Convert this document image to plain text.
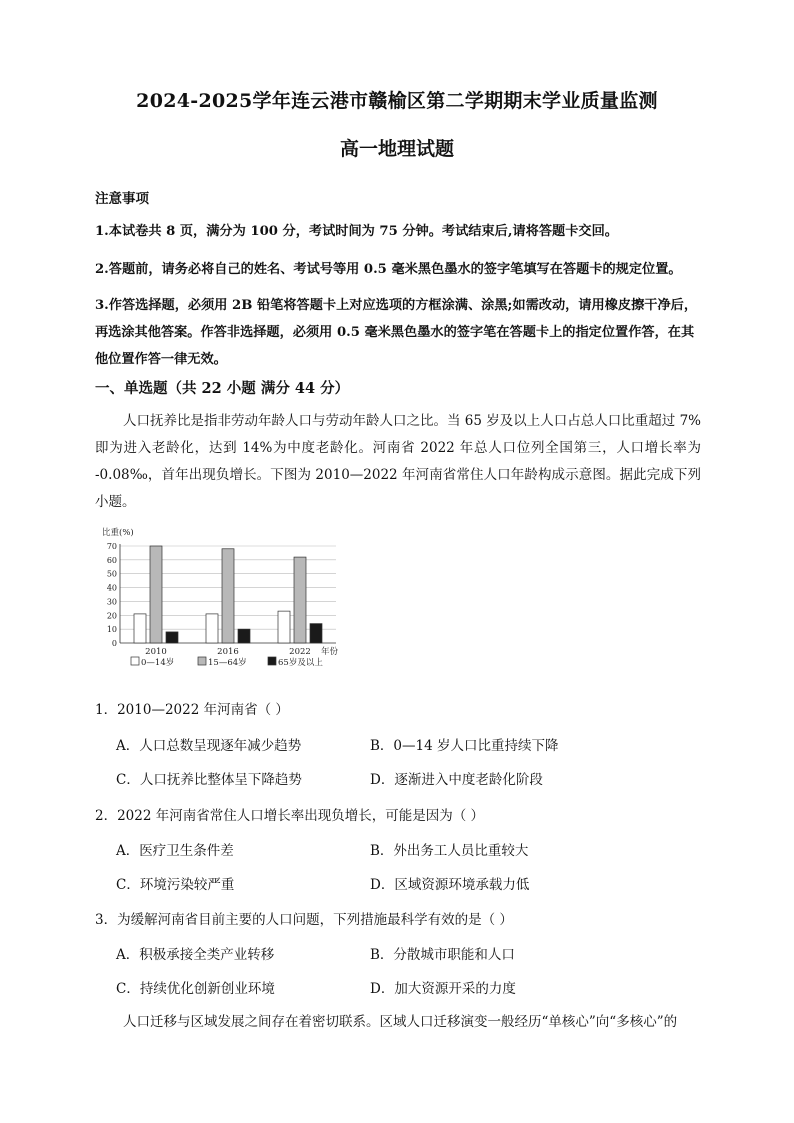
2024-2025学年连云港市赣榆区第二学期期末学业质量监测
高一地理试题
注意事项
1.本试卷共 8 页，满分为 100 分，考试时间为 75 分钟。考试结束后,请将答题卡交回。
2.答题前，请务必将自己的姓名、考试号等用 0.5 毫米黑色墨水的签字笔填写在答题卡的规定位置。
3.作答选择题，必须用 2B 铅笔将答题卡上对应选项的方框涂满、涂黑;如需改动，请用橡皮擦干净后，再选涂其他答案。作答非选择题，必须用 0.5 毫米黑色墨水的签字笔在答题卡上的指定位置作答，在其他位置作答一律无效。
一、单选题（共 22 小题 满分 44 分）
人口抚养比是指非劳动年龄人口与劳动年龄人口之比。当 65 岁及以上人口占总人口比重超过 7%即为进入老龄化，达到 14%为中度老龄化。河南省 2022 年总人口位列全国第三，人口增长率为 -0.08‰，首年出现负增长。下图为 2010—2022 年河南省常住人口年龄构成示意图。据此完成下列小题。
比重(%)
0
10
20
30
40
50
60
70
2010	2016	2022 年份
0—14岁	15—64岁	65岁及以上
1．2010—2022 年河南省（ ）
A．人口总数呈现逐年减少趋势	B．0—14 岁人口比重持续下降
C．人口抚养比整体呈下降趋势	D．逐渐进入中度老龄化阶段
2．2022 年河南省常住人口增长率出现负增长，可能是因为（ ）
A．医疗卫生条件差	B．外出务工人员比重较大
C．环境污染较严重	D．区域资源环境承载力低
3．为缓解河南省目前主要的人口问题，下列措施最科学有效的是（ ）
A．积极承接全类产业转移	B．分散城市职能和人口
C．持续优化创新创业环境	D．加大资源开采的力度
人口迁移与区域发展之间存在着密切联系。区域人口迁移演变一般经历“单核心”向“多核心”的
